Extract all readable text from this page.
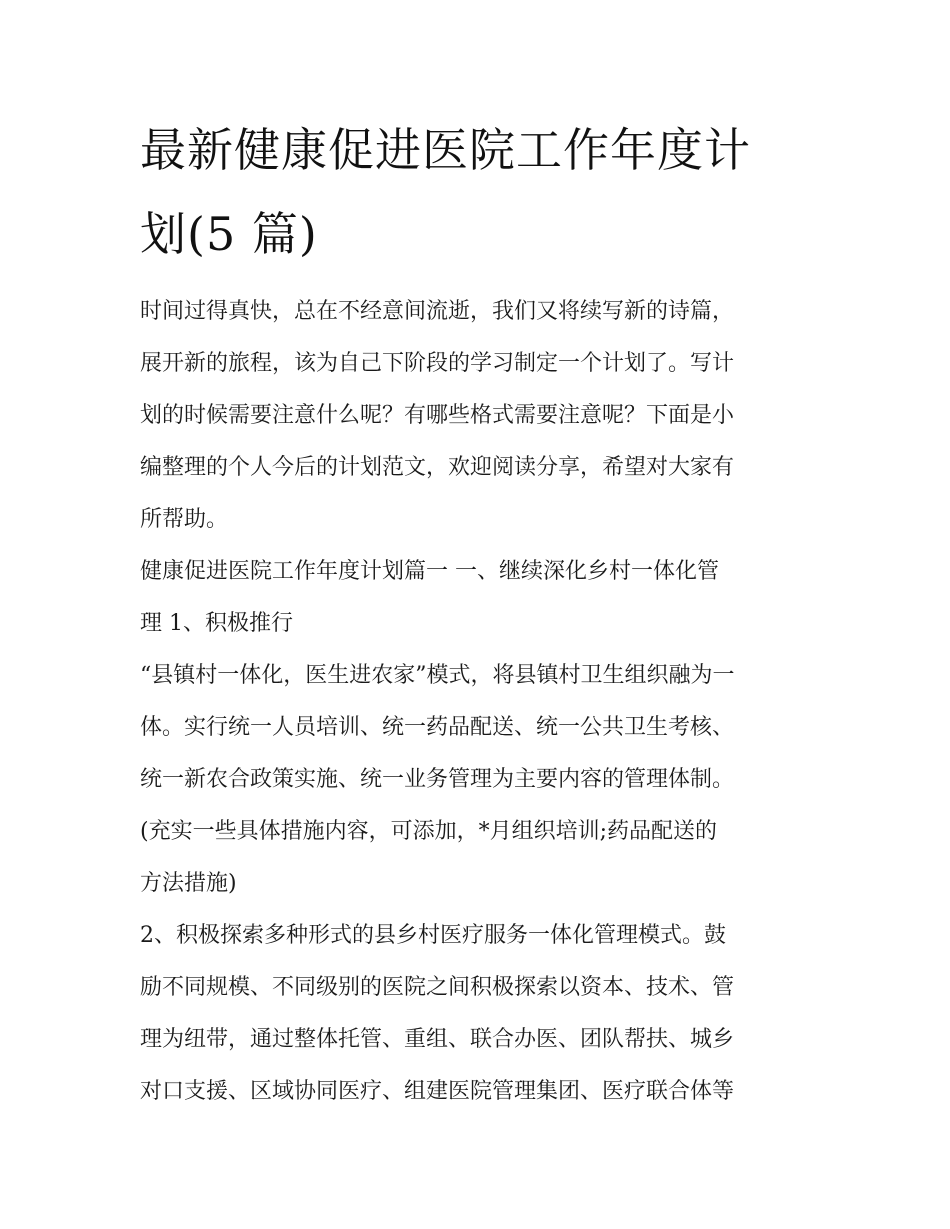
最新健康促进医院工作年度计
划(5 篇)
时间过得真快，总在不经意间流逝，我们又将续写新的诗篇，
展开新的旅程，该为自己下阶段的学习制定一个计划了。写计
划的时候需要注意什么呢？有哪些格式需要注意呢？下面是小
编整理的个人今后的计划范文，欢迎阅读分享，希望对大家有
所帮助。
健康促进医院工作年度计划篇一 一、继续深化乡村一体化管
理 1、积极推行
“县镇村一体化，医生进农家”模式，将县镇村卫生组织融为一
体。实行统一人员培训、统一药品配送、统一公共卫生考核、
统一新农合政策实施、统一业务管理为主要内容的管理体制。
(充实一些具体措施内容，可添加，*月组织培训;药品配送的
方法措施)
2、积极探索多种形式的县乡村医疗服务一体化管理模式。鼓
励不同规模、不同级别的医院之间积极探索以资本、技术、管
理为纽带，通过整体托管、重组、联合办医、团队帮扶、城乡
对口支援、区域协同医疗、组建医院管理集团、医疗联合体等
